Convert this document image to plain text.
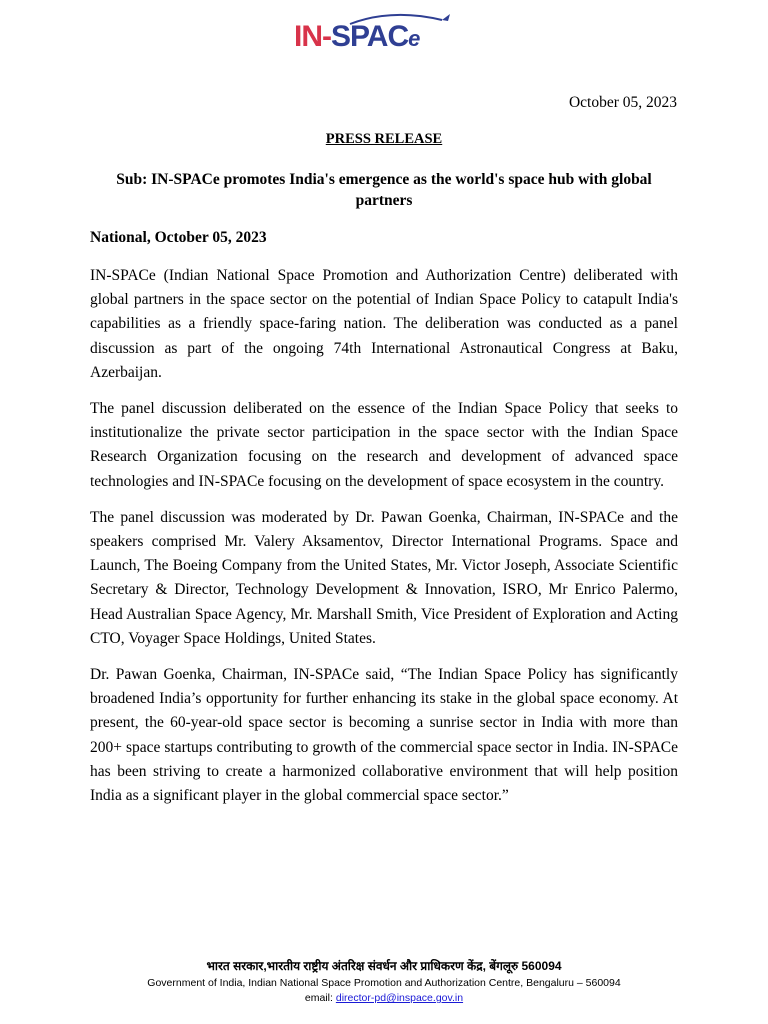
IN-SPACe
October 05, 2023
PRESS RELEASE
Sub: IN-SPACe promotes India's emergence as the world's space hub with global partners
National, October 05, 2023

IN-SPACe (Indian National Space Promotion and Authorization Centre) deliberated with global partners in the space sector on the potential of Indian Space Policy to catapult India's capabilities as a friendly space-faring nation. The deliberation was conducted as a panel discussion as part of the ongoing 74th International Astronautical Congress at Baku, Azerbaijan.

The panel discussion deliberated on the essence of the Indian Space Policy that seeks to institutionalize the private sector participation in the space sector with the Indian Space Research Organization focusing on the research and development of advanced space technologies and IN-SPACe focusing on the development of space ecosystem in the country.

The panel discussion was moderated by Dr. Pawan Goenka, Chairman, IN-SPACe and the speakers comprised Mr. Valery Aksamentov, Director International Programs. Space and Launch, The Boeing Company from the United States, Mr. Victor Joseph, Associate Scientific Secretary & Director, Technology Development & Innovation, ISRO, Mr Enrico Palermo, Head Australian Space Agency, Mr. Marshall Smith, Vice President of Exploration and Acting CTO, Voyager Space Holdings, United States.

Dr. Pawan Goenka, Chairman, IN-SPACe said, “The Indian Space Policy has significantly broadened India’s opportunity for further enhancing its stake in the global space economy. At present, the 60-year-old space sector is becoming a sunrise sector in India with more than 200+ space startups contributing to growth of the commercial space sector in India. IN-SPACe has been striving to create a harmonized collaborative environment that will help position India as a significant player in the global commercial space sector.”

भारत सरकार,भारतीय राष्ट्रीय अंतरिक्ष संवर्धन और प्राधिकरण केंद्र, बेंगलूरु 560094
Government of India, Indian National Space Promotion and Authorization Centre, Bengaluru – 560094
email: director-pd@inspace.gov.in
